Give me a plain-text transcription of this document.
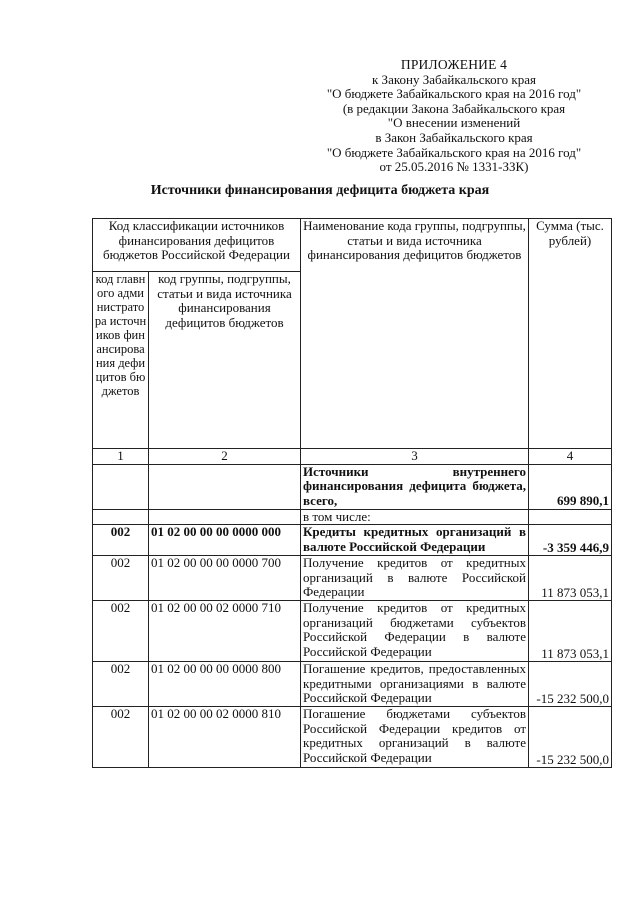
ПРИЛОЖЕНИЕ 4
к Закону Забайкальского края
"О бюджете Забайкальского края на 2016 год"
(в редакции Закона Забайкальского края
"О внесении изменений
в Закон Забайкальского края
"О бюджете Забайкальского края на 2016 год"
от 25.05.2016 № 1331-ЗЗК)
Источники финансирования дефицита бюджета края
Код классификации источников финансирования дефицитов бюджетов Российской Федерации		Наименование кода группы, подгруппы, статьи и вида источника финансирования дефицитов бюджетов	Сумма (тыс. рублей)
код главного администратора источников финансирования дефицитов бюджетов	код группы, подгруппы, статьи и вида источника финансирования дефицитов бюджетов		
1	2	3	4
		Источники внутреннего финансирования дефицита бюджета, всего,	699 890,1
		в том числе:	
002	01 02 00 00 00 0000 000	Кредиты кредитных организаций в валюте Российской Федерации	-3 359 446,9
002	01 02 00 00 00 0000 700	Получение кредитов от кредитных организаций в валюте Российской Федерации	11 873 053,1
002	01 02 00 00 02 0000 710	Получение кредитов от кредитных организаций бюджетами субъектов Российской Федерации в валюте Российской Федерации	11 873 053,1
002	01 02 00 00 00 0000 800	Погашение кредитов, предоставленных кредитными организациями в валюте Российской Федерации	-15 232 500,0
002	01 02 00 00 02 0000 810	Погашение бюджетами субъектов Российской Федерации кредитов от кредитных организаций в валюте Российской Федерации	-15 232 500,0
